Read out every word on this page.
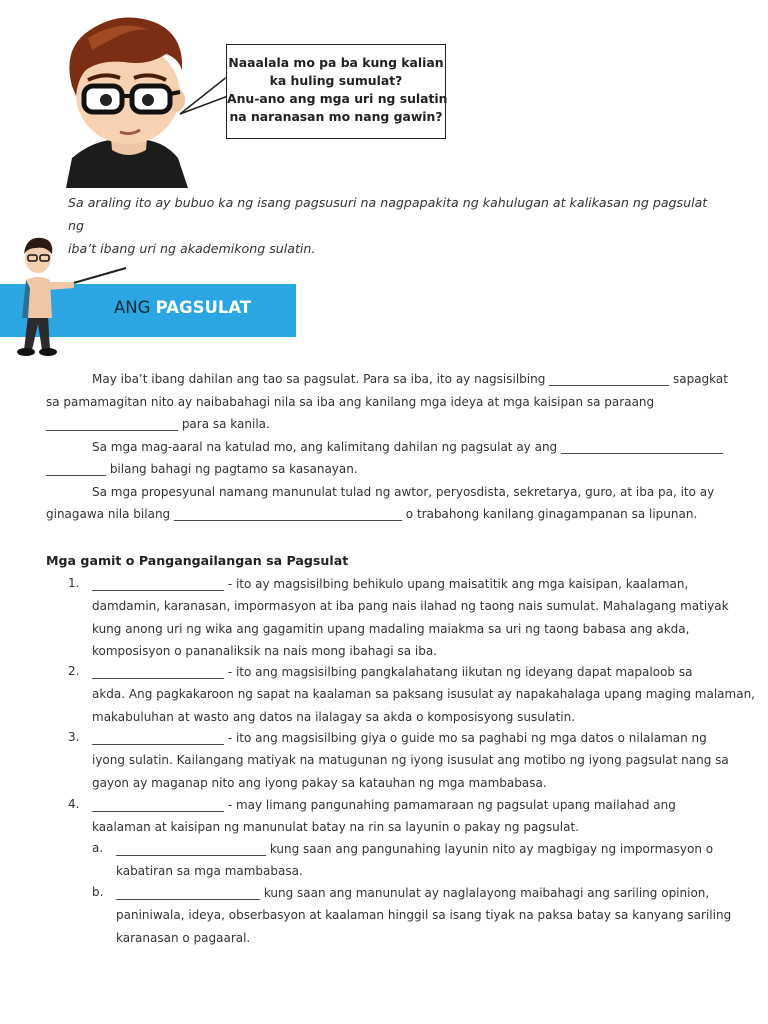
Naaalala mo pa ba kung kalian
ka huling sumulat?
Anu-ano ang mga uri ng sulatin
na naranasan mo nang gawin?
Sa araling ito ay bubuo ka ng isang pagsusuri na nagpapakita ng kahulugan at kalikasan ng pagsulat ng
iba’t ibang uri ng akademikong sulatin.
ANG PAGSULAT
May iba’t ibang dahilan ang tao sa pagsulat. Para sa iba, ito ay nagsisilbing ____________________ sapagkat
sa pamamagitan nito ay naibabahagi nila sa iba ang kanilang mga ideya at mga kaisipan sa paraang
______________________ para sa kanila.
Sa mga mag-aaral na katulad mo, ang kalimitang dahilan ng pagsulat ay ang ___________________________
__________ bilang bahagi ng pagtamo sa kasanayan.
Sa mga propesyunal namang manunulat tulad ng awtor, peryosdista, sekretarya, guro, at iba pa, ito ay
ginagawa nila bilang ______________________________________ o trabahong kanilang ginagampanan sa lipunan.
Mga gamit o Pangangailangan sa Pagsulat
1. ______________________ - ito ay magsisilbing behikulo upang maisatitik ang mga kaisipan, kaalaman,
damdamin, karanasan, impormasyon at iba pang nais ilahad ng taong nais sumulat. Mahalagang matiyak
kung anong uri ng wika ang gagamitin upang madaling maiakma sa uri ng taong babasa ang akda,
komposisyon o pananaliksik na nais mong ibahagi sa iba.
2. ______________________ - ito ang magsisilbing pangkalahatang iikutan ng ideyang dapat mapaloob sa
akda. Ang pagkakaroon ng sapat na kaalaman sa paksang isusulat ay napakahalaga upang maging malaman,
makabuluhan at wasto ang datos na ilalagay sa akda o komposisyong susulatin.
3. ______________________ - ito ang magsisilbing giya o guide mo sa paghabi ng mga datos o nilalaman ng
iyong sulatin. Kailangang matiyak na matugunan ng iyong isusulat ang motibo ng iyong pagsulat nang sa
gayon ay maganap nito ang iyong pakay sa katauhan ng mga mambabasa.
4. ______________________ - may limang pangunahing pamamaraan ng pagsulat upang mailahad ang
kaalaman at kaisipan ng manunulat batay na rin sa layunin o pakay ng pagsulat.
a. _________________________ kung saan ang pangunahing layunin nito ay magbigay ng impormasyon o
kabatiran sa mga mambabasa.
b. ________________________ kung saan ang manunulat ay naglalayong maibahagi ang sariling opinion,
paniniwala, ideya, obserbasyon at kaalaman hinggil sa isang tiyak na paksa batay sa kanyang sariling
karanasan o pagaaral.
